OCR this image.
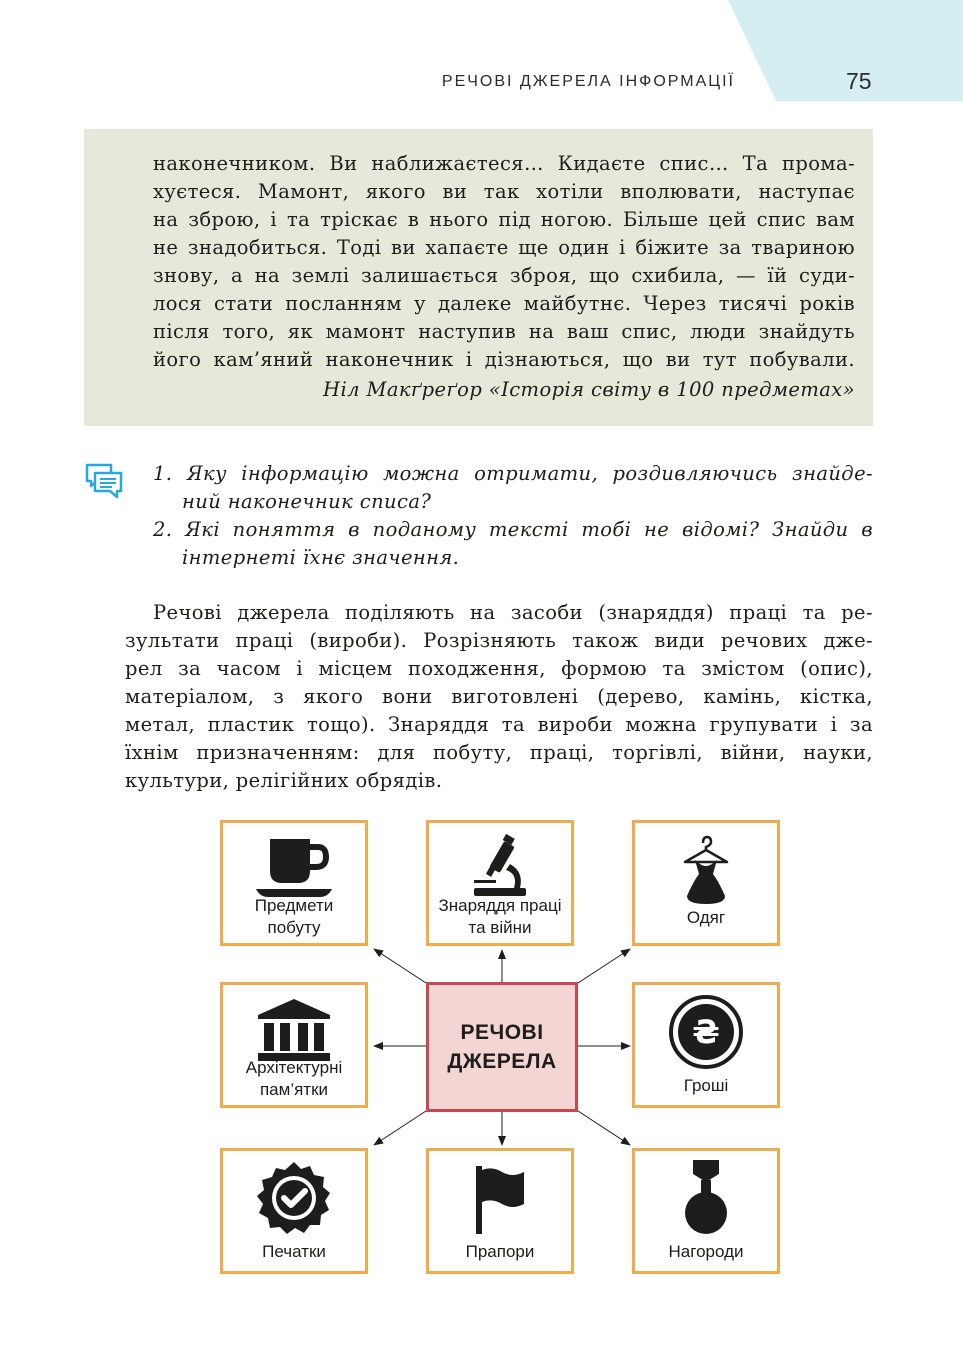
РЕЧОВІ ДЖЕРЕЛА ІНФОРМАЦІЇ	75
наконечником. Ви наближаєтеся… Кидаєте спис… Та прома-
хуєтеся. Мамонт, якого ви так хотіли вполювати, наступає
на зброю, і та тріскає в нього під ногою. Більше цей спис вам
не знадобиться. Тоді ви хапаєте ще один і біжите за твариною
знову, а на землі залишається зброя, що схибила, — їй суди-
лося стати посланням у далеке майбутнє. Через тисячі років
після того, як мамонт наступив на ваш спис, люди знайдуть
його кам’яний наконечник і дізнаються, що ви тут побували.
Ніл Макґреґор «Історія світу в 100 предметах»
1. Яку інформацію можна отримати, роздивляючись знайде-
ний наконечник списа?
2. Які поняття в поданому тексті тобі не відомі? Знайди в
інтернеті їхнє значення.
Речові джерела поділяють на засоби (знаряддя) праці та ре-
зультати праці (вироби). Розрізняють також види речових дже-
рел за часом і місцем походження, формою та змістом (опис),
матеріалом, з якого вони виготовлені (дерево, камінь, кістка,
метал, пластик тощо). Знаряддя та вироби можна групувати і за
їхнім призначенням: для побуту, праці, торгівлі, війни, науки,
культури, релігійних обрядів.
Предмети
побуту
Знаряддя праці
та війни
Одяг
Архітектурні
пам’ятки
РЕЧОВІ
ДЖЕРЕЛА
₴
Гроші
Печатки	Прапори	Нагороди
